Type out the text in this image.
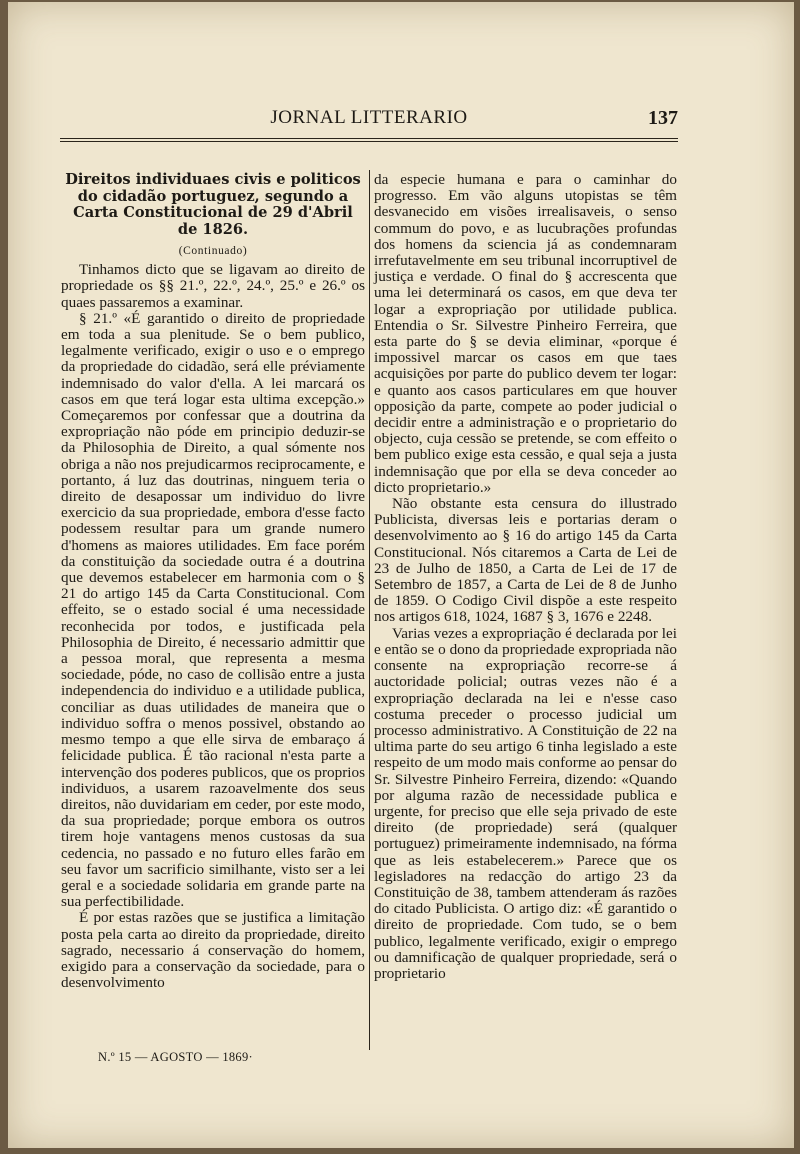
JORNAL LITTERARIO	137
Direitos individuaes civis e politicos do cidadão portuguez, segundo a Carta Constitucional de 29 d'Abril de 1826.
(Continuado)

Tinhamos dicto que se ligavam ao direito de propriedade os §§ 21.º, 22.º, 24.º, 25.º e 26.º os quaes passaremos a examinar.

§ 21.º «É garantido o direito de propriedade em toda a sua plenitude. Se o bem publico, legalmente verificado, exigir o uso e o emprego da propriedade do cidadão, será elle préviamente indemnisado do valor d'ella. A lei marcará os casos em que terá logar esta ultima excepção.» Começaremos por confessar que a doutrina da expropriação não póde em principio deduzir-se da Philosophia de Direito, a qual sómente nos obriga a não nos prejudicarmos reciprocamente, e portanto, á luz das doutrinas, ninguem teria o direito de desapossar um individuo do livre exercicio da sua propriedade, embora d'esse facto podessem resultar para um grande numero d'homens as maiores utilidades. Em face porém da constituição da sociedade outra é a doutrina que devemos estabelecer em harmonia com o § 21 do artigo 145 da Carta Constitucional. Com effeito, se o estado social é uma necessidade reconhecida por todos, e justificada pela Philosophia de Direito, é necessario admittir que a pessoa moral, que representa a mesma sociedade, póde, no caso de collisão entre a justa independencia do individuo e a utilidade publica, conciliar as duas utilidades de maneira que o individuo soffra o menos possivel, obstando ao mesmo tempo a que elle sirva de embaraço á felicidade publica. É tão racional n'esta parte a intervenção dos poderes publicos, que os proprios individuos, a usarem razoavelmente dos seus direitos, não duvidariam em ceder, por este modo, da sua propriedade; porque embora os outros tirem hoje vantagens menos custosas da sua cedencia, no passado e no futuro elles farão em seu favor um sacrificio similhante, visto ser a lei geral e a sociedade solidaria em grande parte na sua perfectibilidade.

É por estas razões que se justifica a limitação posta pela carta ao direito da propriedade, direito sagrado, necessario á conservação do homem, exigido para a conservação da sociedade, para o desenvolvimento

da especie humana e para o caminhar do progresso. Em vão alguns utopistas se têm desvanecido em visões irrealisaveis, o senso commum do povo, e as lucubrações profundas dos homens da sciencia já as condemnaram irrefutavelmente em seu tribunal incorruptivel de justiça e verdade. O final do § accrescenta que uma lei determinará os casos, em que deva ter logar a expropriação por utilidade publica. Entendia o Sr. Silvestre Pinheiro Ferreira, que esta parte do § se devia eliminar, «porque é impossivel marcar os casos em que taes acquisições por parte do publico devem ter logar: e quanto aos casos particulares em que houver opposição da parte, compete ao poder judicial o decidir entre a administração e o proprietario do objecto, cuja cessão se pretende, se com effeito o bem publico exige esta cessão, e qual seja a justa indemnisação que por ella se deva conceder ao dicto proprietario.»

Não obstante esta censura do illustrado Publicista, diversas leis e portarias deram o desenvolvimento ao § 16 do artigo 145 da Carta Constitucional. Nós citaremos a Carta de Lei de 23 de Julho de 1850, a Carta de Lei de 17 de Setembro de 1857, a Carta de Lei de 8 de Junho de 1859. O Codigo Civil dispõe a este respeito nos artigos 618, 1024, 1687 § 3, 1676 e 2248.

Varias vezes a expropriação é declarada por lei e então se o dono da propriedade expropriada não consente na expropriação recorre-se á auctoridade policial; outras vezes não é a expropriação declarada na lei e n'esse caso costuma preceder o processo judicial um processo administrativo. A Constituição de 22 na ultima parte do seu artigo 6 tinha legislado a este respeito de um modo mais conforme ao pensar do Sr. Silvestre Pinheiro Ferreira, dizendo: «Quando por alguma razão de necessidade publica e urgente, for preciso que elle seja privado de este direito (de propriedade) será (qualquer portuguez) primeiramente indemnisado, na fórma que as leis estabelecerem.» Parece que os legisladores na redacção do artigo 23 da Constituição de 38, tambem attenderam ás razões do citado Publicista. O artigo diz: «É garantido o direito de propriedade. Com tudo, se o bem publico, legalmente verificado, exigir o emprego ou damnificação de qualquer propriedade, será o proprietario

N.º 15 — AGOSTO — 1869·
